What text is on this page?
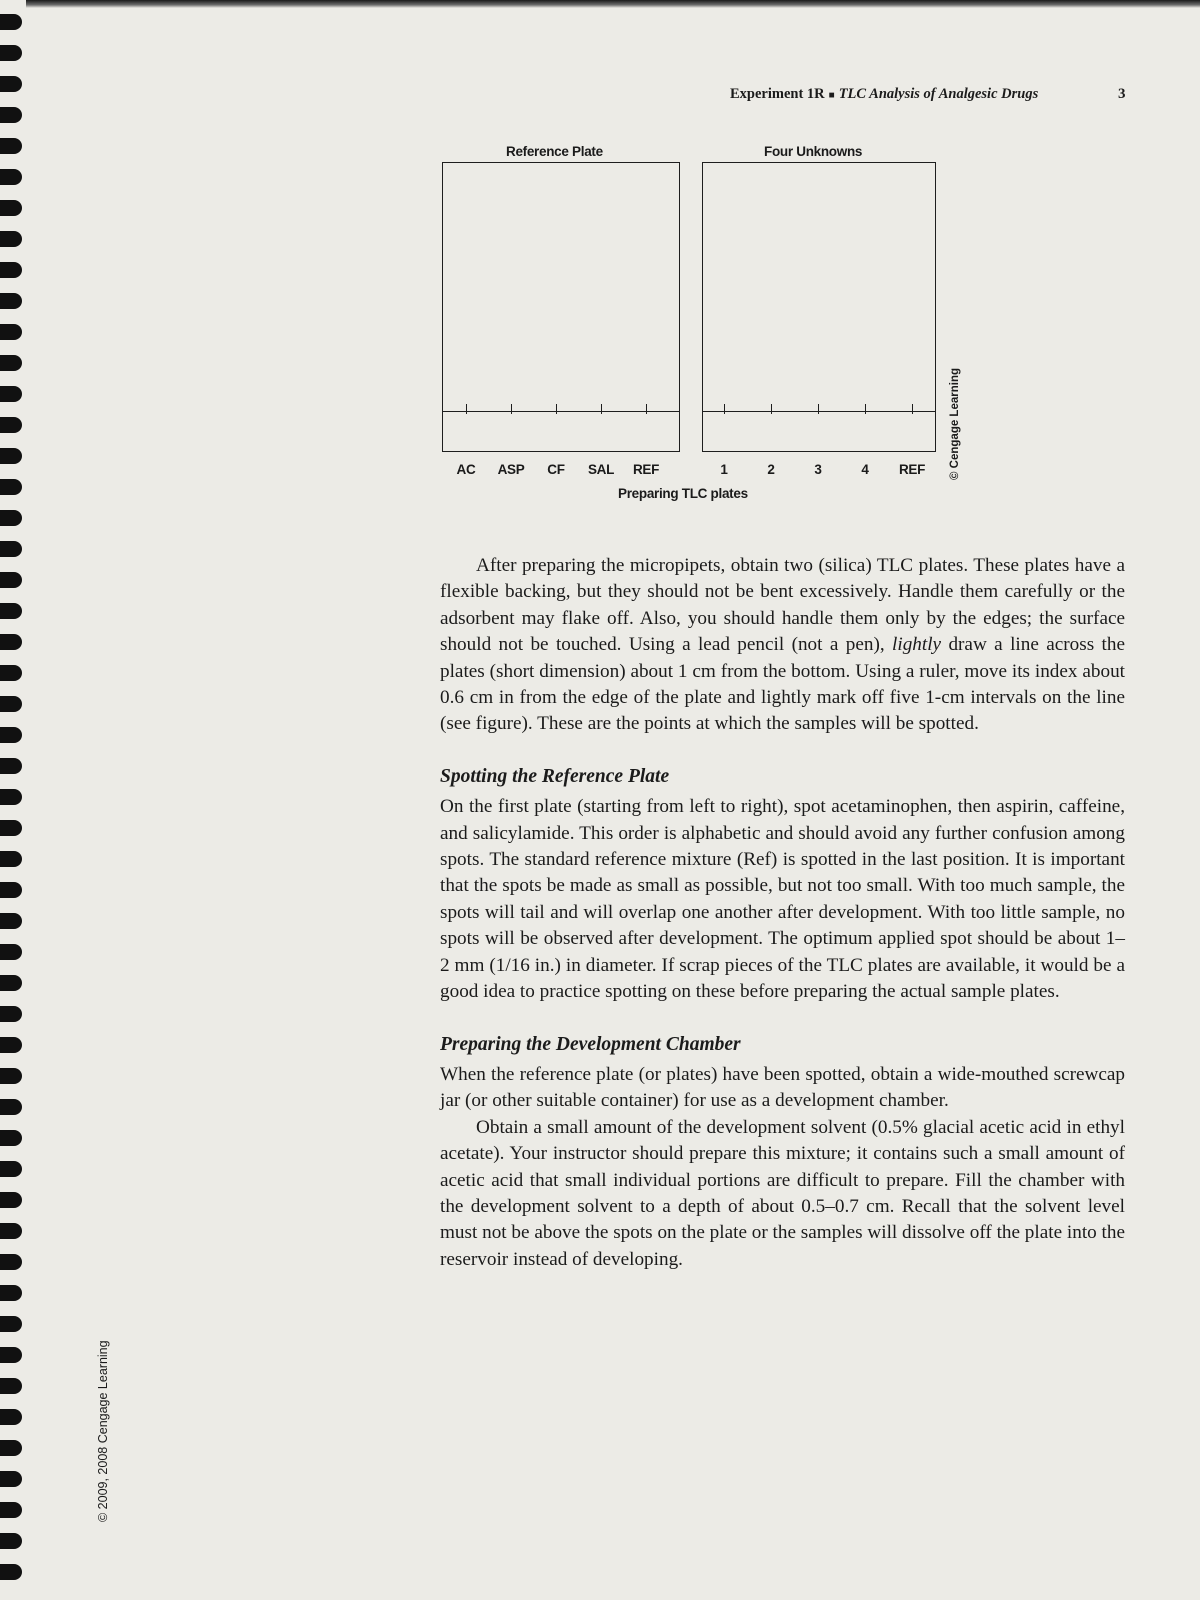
Experiment 1R ■ TLC Analysis of Analgesic Drugs	3
Reference Plate	Four Unknowns
Preparing TLC plates
© Cengage Learning
AC ASP CF SAL REF	1	2	3	4 REF

After preparing the micropipets, obtain two (silica) TLC plates. These plates have a flexible backing, but they should not be bent excessively. Handle them carefully or the adsorbent may flake off. Also, you should handle them only by the edges; the surface should not be touched. Using a lead pencil (not a pen), lightly draw a line across the plates (short dimension) about 1 cm from the bottom. Using a ruler, move its index about 0.6 cm in from the edge of the plate and lightly mark off five 1-cm intervals on the line (see figure). These are the points at which the samples will be spotted.

Spotting the Reference Plate

On the first plate (starting from left to right), spot acetaminophen, then aspirin, caffeine, and salicylamide. This order is alphabetic and should avoid any further confusion among spots. The standard reference mixture (Ref) is spotted in the last position. It is important that the spots be made as small as possible, but not too small. With too much sample, the spots will tail and will overlap one another after development. With too little sample, no spots will be observed after development. The optimum applied spot should be about 1–2 mm (1/16 in.) in diameter. If scrap pieces of the TLC plates are available, it would be a good idea to practice spotting on these before preparing the actual sample plates.

Preparing the Development Chamber

When the reference plate (or plates) have been spotted, obtain a wide-mouthed screwcap jar (or other suitable container) for use as a development chamber.

Obtain a small amount of the development solvent (0.5% glacial acetic acid in ethyl acetate). Your instructor should prepare this mixture; it contains such a small amount of acetic acid that small individual portions are difficult to prepare. Fill the chamber with the development solvent to a depth of about 0.5–0.7 cm. Recall that the solvent level must not be above the spots on the plate or the samples will dissolve off the plate into the reservoir instead of developing.

© 2009, 2008 Cengage Learning
